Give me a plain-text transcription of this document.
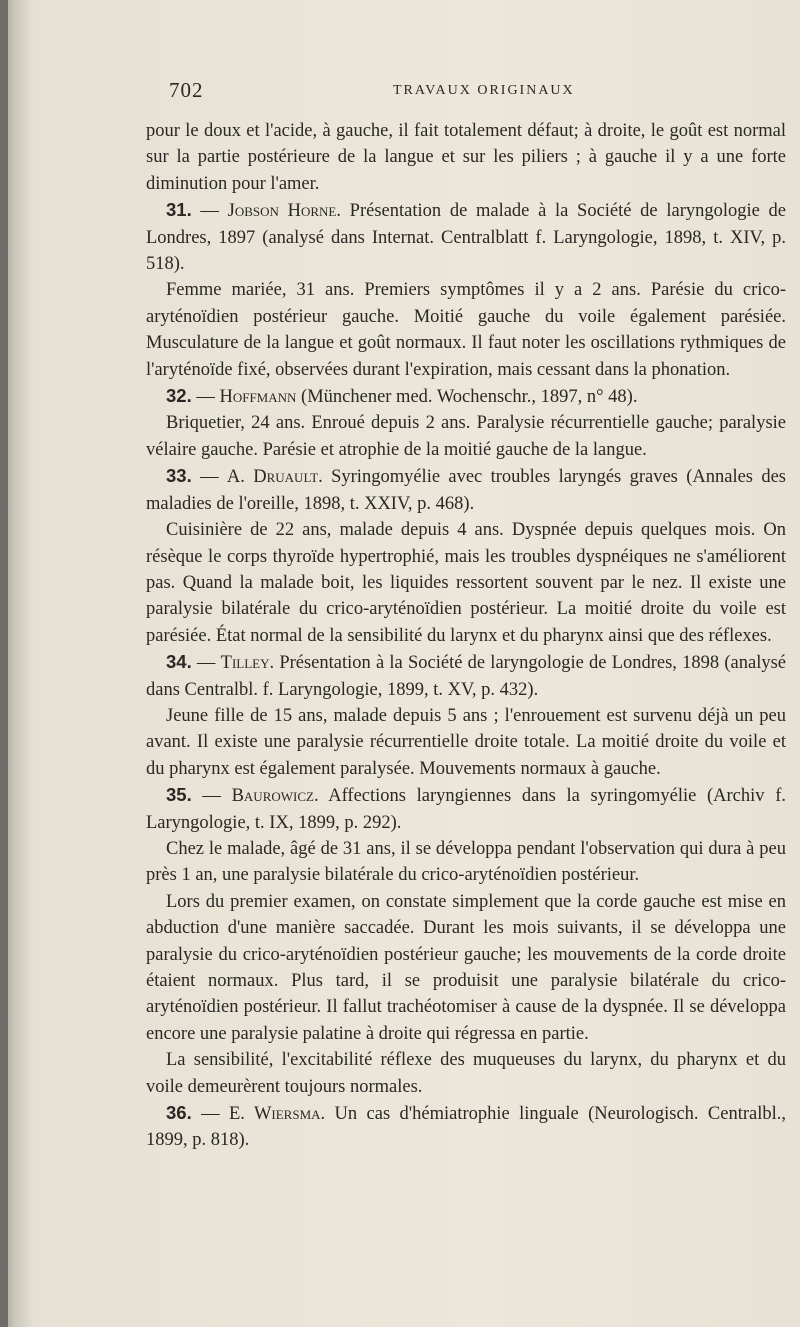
702	TRAVAUX ORIGINAUX

pour le doux et l'acide, à gauche, il fait totalement défaut; à droite, le goût est normal sur la partie postérieure de la langue et sur les piliers ; à gauche il y a une forte diminution pour l'amer.

31. — Jobson Horne. Présentation de malade à la Société de laryngologie de Londres, 1897 (analysé dans Internat. Centralblatt f. Laryngologie, 1898, t. XIV, p. 518).

Femme mariée, 31 ans. Premiers symptômes il y a 2 ans. Parésie du crico-aryténoïdien postérieur gauche. Moitié gauche du voile également parésiée. Musculature de la langue et goût normaux. Il faut noter les oscillations rythmiques de l'aryténoïde fixé, observées durant l'expiration, mais cessant dans la phonation.

32. — Hoffmann (Münchener med. Wochenschr., 1897, n° 48).

Briquetier, 24 ans. Enroué depuis 2 ans. Paralysie récurrentielle gauche; paralysie vélaire gauche. Parésie et atrophie de la moitié gauche de la langue.

33. — A. Druault. Syringomyélie avec troubles laryngés graves (Annales des maladies de l'oreille, 1898, t. XXIV, p. 468).

Cuisinière de 22 ans, malade depuis 4 ans. Dyspnée depuis quelques mois. On résèque le corps thyroïde hypertrophié, mais les troubles dyspnéiques ne s'améliorent pas. Quand la malade boit, les liquides ressortent souvent par le nez. Il existe une paralysie bilatérale du crico-aryténoïdien postérieur. La moitié droite du voile est parésiée. État normal de la sensibilité du larynx et du pharynx ainsi que des réflexes.

34. — Tilley. Présentation à la Société de laryngologie de Londres, 1898 (analysé dans Centralbl. f. Laryngologie, 1899, t. XV, p. 432).

Jeune fille de 15 ans, malade depuis 5 ans ; l'enrouement est survenu déjà un peu avant. Il existe une paralysie récurrentielle droite totale. La moitié droite du voile et du pharynx est également paralysée. Mouvements normaux à gauche.

35. — Baurowicz. Affections laryngiennes dans la syringomyélie (Archiv f. Laryngologie, t. IX, 1899, p. 292).

Chez le malade, âgé de 31 ans, il se développa pendant l'observation qui dura à peu près 1 an, une paralysie bilatérale du crico-aryténoïdien postérieur.

Lors du premier examen, on constate simplement que la corde gauche est mise en abduction d'une manière saccadée. Durant les mois suivants, il se développa une paralysie du crico-aryténoïdien postérieur gauche; les mouvements de la corde droite étaient normaux. Plus tard, il se produisit une paralysie bilatérale du crico-aryténoïdien postérieur. Il fallut trachéotomiser à cause de la dyspnée. Il se développa encore une paralysie palatine à droite qui régressa en partie.

La sensibilité, l'excitabilité réflexe des muqueuses du larynx, du pharynx et du voile demeurèrent toujours normales.

36. — E. Wiersma. Un cas d'hémiatrophie linguale (Neurologisch. Centralbl., 1899, p. 818).
